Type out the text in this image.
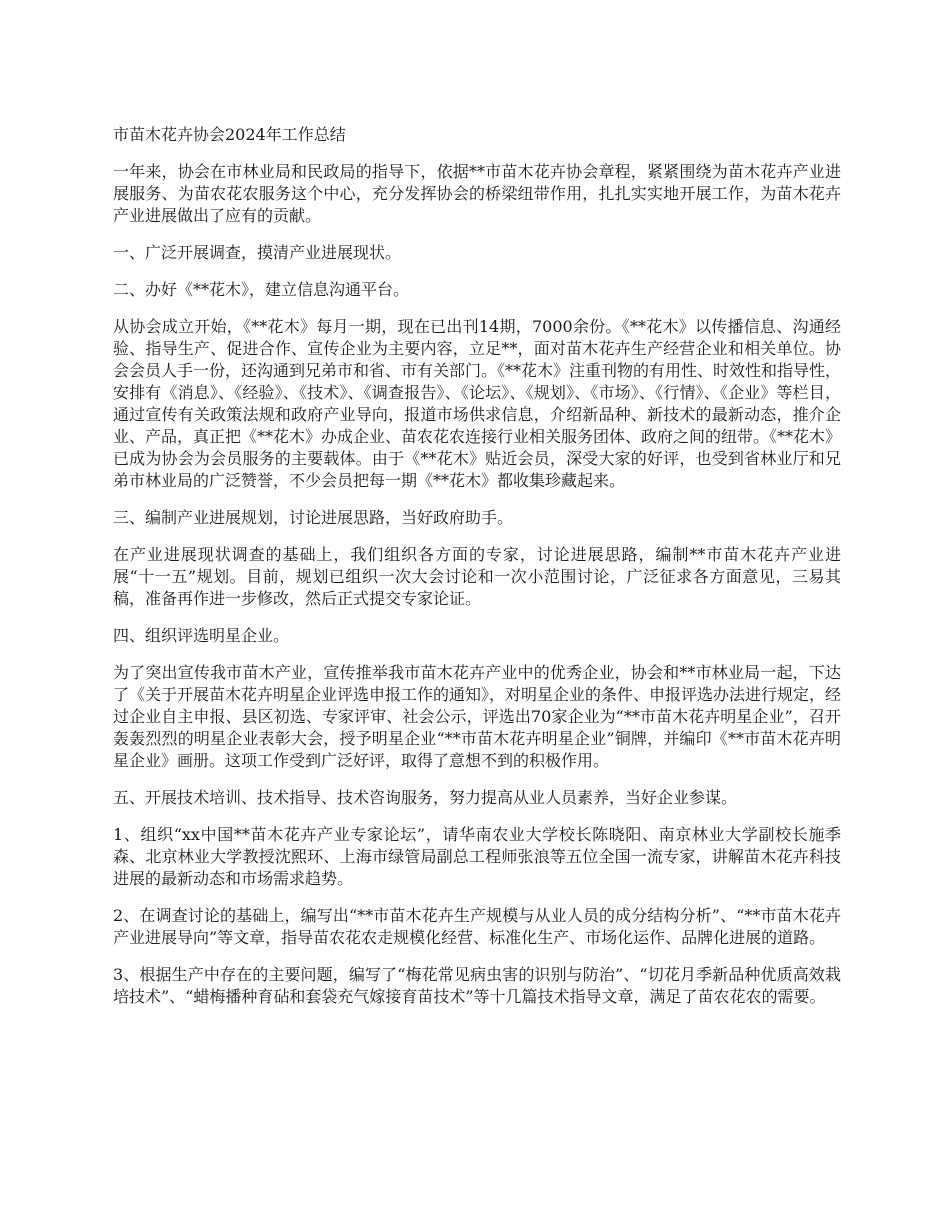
市苗木花卉协会2024年工作总结
一年来，协会在市林业局和民政局的指导下，依据**市苗木花卉协会章程，紧紧围绕为苗木花卉产业进展服务、为苗农花农服务这个中心，充分发挥协会的桥梁纽带作用，扎扎实实地开展工作，为苗木花卉产业进展做出了应有的贡献。
一、广泛开展调查，摸清产业进展现状。
二、办好《**花木》，建立信息沟通平台。
从协会成立开始，《**花木》每月一期，现在已出刊14期，7000余份。《**花木》以传播信息、沟通经验、指导生产、促进合作、宣传企业为主要内容，立足**，面对苗木花卉生产经营企业和相关单位。协会会员人手一份，还沟通到兄弟市和省、市有关部门。《**花木》注重刊物的有用性、时效性和指导性，安排有《消息》、《经验》、《技术》、《调查报告》、《论坛》、《规划》、《市场》、《行情》、《企业》等栏目，通过宣传有关政策法规和政府产业导向，报道市场供求信息，介绍新品种、新技术的最新动态，推介企业、产品，真正把《**花木》办成企业、苗农花农连接行业相关服务团体、政府之间的纽带。《**花木》已成为协会为会员服务的主要载体。由于《**花木》贴近会员，深受大家的好评，也受到省林业厅和兄弟市林业局的广泛赞誉，不少会员把每一期《**花木》都收集珍藏起来。
三、编制产业进展规划，讨论进展思路，当好政府助手。
在产业进展现状调查的基础上，我们组织各方面的专家，讨论进展思路，编制**市苗木花卉产业进展“十一五”规划。目前，规划已组织一次大会讨论和一次小范围讨论，广泛征求各方面意见，三易其稿，准备再作进一步修改，然后正式提交专家论证。
四、组织评选明星企业。
为了突出宣传我市苗木产业，宣传推举我市苗木花卉产业中的优秀企业，协会和**市林业局一起，下达了《关于开展苗木花卉明星企业评选申报工作的通知》，对明星企业的条件、申报评选办法进行规定，经过企业自主申报、县区初选、专家评审、社会公示，评选出70家企业为“**市苗木花卉明星企业”，召开轰轰烈烈的明星企业表彰大会，授予明星企业“**市苗木花卉明星企业”铜牌，并编印《**市苗木花卉明星企业》画册。这项工作受到广泛好评，取得了意想不到的积极作用。
五、开展技术培训、技术指导、技术咨询服务，努力提高从业人员素养，当好企业参谋。
1、组织“xx中国**苗木花卉产业专家论坛”，请华南农业大学校长陈晓阳、南京林业大学副校长施季森、北京林业大学教授沈熙环、上海市绿管局副总工程师张浪等五位全国一流专家，讲解苗木花卉科技进展的最新动态和市场需求趋势。
2、在调查讨论的基础上，编写出“**市苗木花卉生产规模与从业人员的成分结构分析”、“**市苗木花卉产业进展导向”等文章，指导苗农花农走规模化经营、标准化生产、市场化运作、品牌化进展的道路。
3、根据生产中存在的主要问题，编写了“梅花常见病虫害的识别与防治”、“切花月季新品种优质高效栽培技术”、“蜡梅播种育砧和套袋充气嫁接育苗技术”等十几篇技术指导文章，满足了苗农花农的需要。
